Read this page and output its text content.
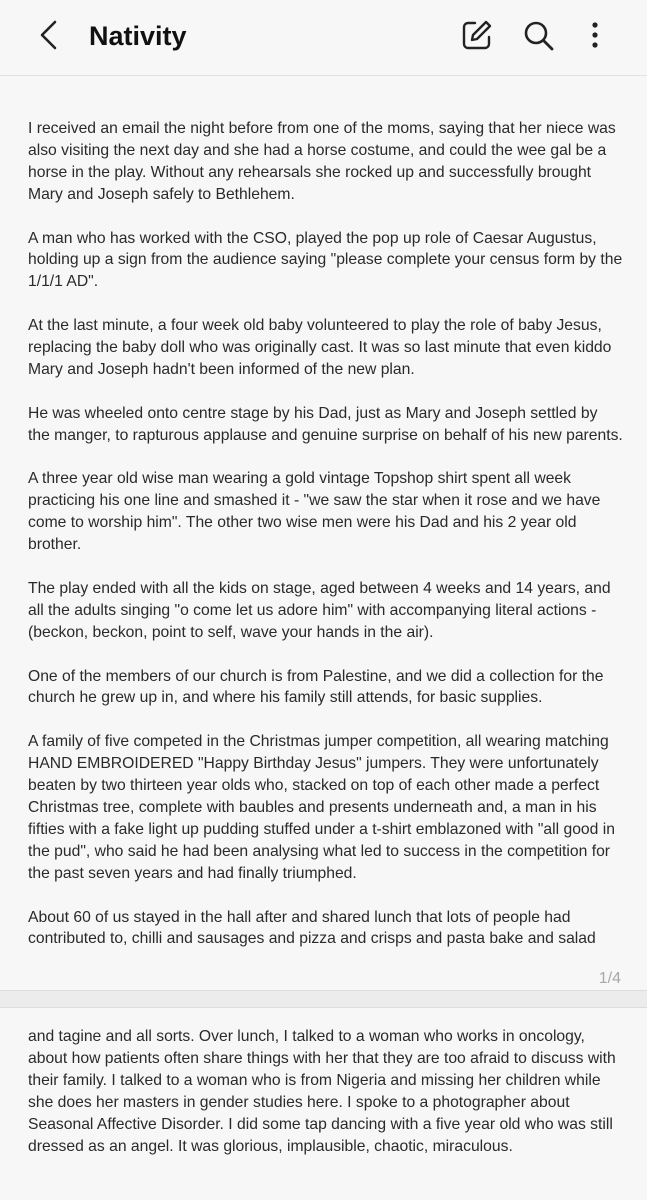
Nativity

I received an email the night before from one of the moms, saying that her niece was also visiting the next day and she had a horse costume, and could the wee gal be a horse in the play. Without any rehearsals she rocked up and successfully brought Mary and Joseph safely to Bethlehem.

A man who has worked with the CSO, played the pop up role of Caesar Augustus, holding up a sign from the audience saying "please complete your census form by the 1/1/1 AD".

At the last minute, a four week old baby volunteered to play the role of baby Jesus, replacing the baby doll who was originally cast. It was so last minute that even kiddo Mary and Joseph hadn't been informed of the new plan.

He was wheeled onto centre stage by his Dad, just as Mary and Joseph settled by the manger, to rapturous applause and genuine surprise on behalf of his new parents.

A three year old wise man wearing a gold vintage Topshop shirt spent all week practicing his one line and smashed it - "we saw the star when it rose and we have come to worship him". The other two wise men were his Dad and his 2 year old brother.

The play ended with all the kids on stage, aged between 4 weeks and 14 years, and all the adults singing "o come let us adore him" with accompanying literal actions - (beckon, beckon, point to self, wave your hands in the air).

One of the members of our church is from Palestine, and we did a collection for the church he grew up in, and where his family still attends, for basic supplies.

A family of five competed in the Christmas jumper competition, all wearing matching HAND EMBROIDERED "Happy Birthday Jesus" jumpers. They were unfortunately beaten by two thirteen year olds who, stacked on top of each other made a perfect Christmas tree, complete with baubles and presents underneath and, a man in his fifties with a fake light up pudding stuffed under a t-shirt emblazoned with "all good in the pud", who said he had been analysing what led to success in the competition for the past seven years and had finally triumphed.

About 60 of us stayed in the hall after and shared lunch that lots of people had contributed to, chilli and sausages and pizza and crisps and pasta bake and salad

1/4

and tagine and all sorts. Over lunch, I talked to a woman who works in oncology, about how patients often share things with her that they are too afraid to discuss with their family. I talked to a woman who is from Nigeria and missing her children while she does her masters in gender studies here. I spoke to a photographer about Seasonal Affective Disorder. I did some tap dancing with a five year old who was still dressed as an angel. It was glorious, implausible, chaotic, miraculous.
